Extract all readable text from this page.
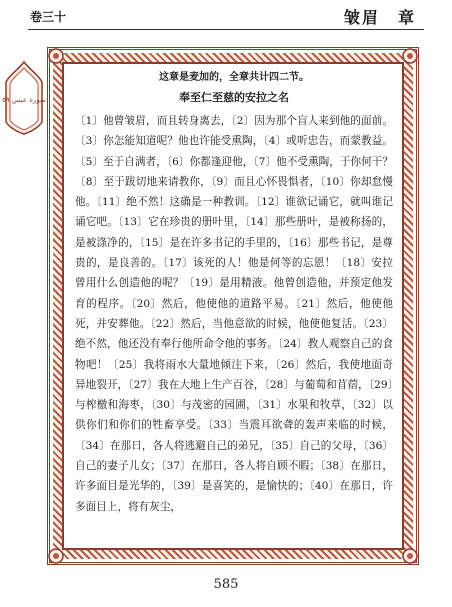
卷三十	皱眉　章
سورة عبس ٥٩
这章是麦加的，全章共计四二节。
奉至仁至慈的安拉之名
〔1〕他曾皱眉，而且转身离去，〔2〕因为那个盲人来到他的面前。〔3〕你怎能知道呢？他也许能受熏陶，〔4〕或听忠告，而蒙教益。〔5〕至于自满者，〔6〕你都逢迎他，〔7〕他不受熏陶，于你何干？〔8〕至于跋切地来请教你，〔9〕而且心怀畏惧者，〔10〕你却怠慢他。〔11〕绝不然！这确是一种教训。〔12〕谁欲记诵它，就叫谁记诵它吧。〔13〕它在珍贵的册叶里，〔14〕那些册叶，是被称扬的，是被涤净的，〔15〕是在许多书记的手里的，〔16〕那些书记，是尊贵的，是良善的。〔17〕该死的人！他是何等的忘恩！〔18〕安拉曾用什么创造他的呢？〔19〕是用精液。他曾创造他，并预定他发育的程序。〔20〕然后，他使他的道路平易。〔21〕然后，他使他死，并安葬他。〔22〕然后，当他意欲的时候，他使他复活。〔23〕绝不然，他还没有奉行他所命令他的事务。〔24〕教人观察自己的食物吧！〔25〕我将雨水大量地倾注下来，〔26〕然后，我使地面奇异地裂开，〔27〕我在大地上生产百谷，〔28〕与葡萄和苜蓿，〔29〕与榨檄和海枣，〔30〕与茂密的园圃，〔31〕水果和牧草，〔32〕以供你们和你们的牲畜享受。〔33〕当震耳欲聋的轰声来临的时候，〔34〕在那日，各人将逃避自己的弟兄，〔35〕自己的父母，〔36〕自己的妻子儿女；〔37〕在那日，各人将自顾不暇；〔38〕在那日，许多面目是光华的，〔39〕是喜笑的，是愉快的；〔40〕在那日，许多面目上，将有灰尘，
585
